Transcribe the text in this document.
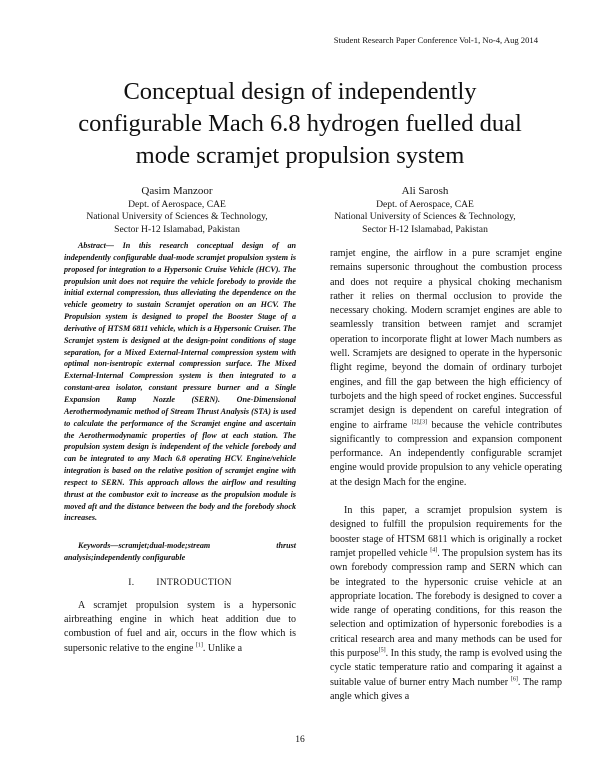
Student Research Paper Conference Vol-1, No-4, Aug 2014
Conceptual design of independently
configurable Mach 6.8 hydrogen fuelled dual
mode scramjet propulsion system
Qasim Manzoor
Dept. of Aerospace, CAE
National University of Sciences & Technology,
Sector H-12 Islamabad, Pakistan
Ali Sarosh
Dept. of Aerospace, CAE
National University of Sciences & Technology,
Sector H-12 Islamabad, Pakistan

Abstract— In this research conceptual design of an independently configurable dual-mode scramjet propulsion system is proposed for integration to a Hypersonic Cruise Vehicle (HCV). The propulsion unit does not require the vehicle forebody to provide the initial external compression, thus alleviating the dependence on the vehicle geometry to sustain Scramjet operation on an HCV. The Propulsion system is designed to propel the Booster Stage of a derivative of HTSM 6811 vehicle, which is a Hypersonic Cruiser. The Scramjet system is designed at the design-point conditions of stage separation, for a Mixed External-Internal compression system with optimal non-isentropic external compression surface. The Mixed External-Internal Compression system is then integrated to a constant-area isolator, constant pressure burner and a Single Expansion Ramp Nozzle (SERN). One-Dimensional Aerothermodynamic method of Stream Thrust Analysis (STA) is used to calculate the performance of the Scramjet engine and ascertain the Aerothermodynamic properties of flow at each station. The propulsion system design is independent of the vehicle forebody and can be integrated to any Mach 6.8 operating HCV. Engine/vehicle integration is based on the relative position of scramjet engine with respect to SERN. This approach allows the airflow and resulting thrust at the combustor exit to increase as the propulsion module is moved aft and the distance between the body and the forebody shock increases.

Keywords—scramjet;dual-mode;stream thrust analysis;independently configurable

I. INTRODUCTION

A scramjet propulsion system is a hypersonic airbreathing engine in which heat addition due to combustion of fuel and air, occurs in the flow which is supersonic relative to the engine [1]. Unlike a

ramjet engine, the airflow in a pure scramjet engine remains supersonic throughout the combustion process and does not require a physical choking mechanism rather it relies on thermal occlusion to provide the necessary choking. Modern scramjet engines are able to seamlessly transition between ramjet and scramjet operation to incorporate flight at lower Mach numbers as well. Scramjets are designed to operate in the hypersonic flight regime, beyond the domain of ordinary turbojet engines, and fill the gap between the high efficiency of turbojets and the high speed of rocket engines. Successful scramjet design is dependent on careful integration of engine to airframe [2],[3] because the vehicle contributes significantly to compression and expansion component performance. An independently configurable scramjet engine would provide propulsion to any vehicle operating at the design Mach for the engine.

In this paper, a scramjet propulsion system is designed to fulfill the propulsion requirements for the booster stage of HTSM 6811 which is originally a rocket ramjet propelled vehicle [4]. The propulsion system has its own forebody compression ramp and SERN which can be integrated to the hypersonic cruise vehicle at an appropriate location. The forebody is designed to cover a wide range of operating conditions, for this reason the selection and optimization of hypersonic forebodies is a critical research area and many methods can be used for this purpose[5]. In this study, the ramp is evolved using the cycle static temperature ratio and comparing it against a suitable value of burner entry Mach number [6]. The ramp angle which gives a

16
